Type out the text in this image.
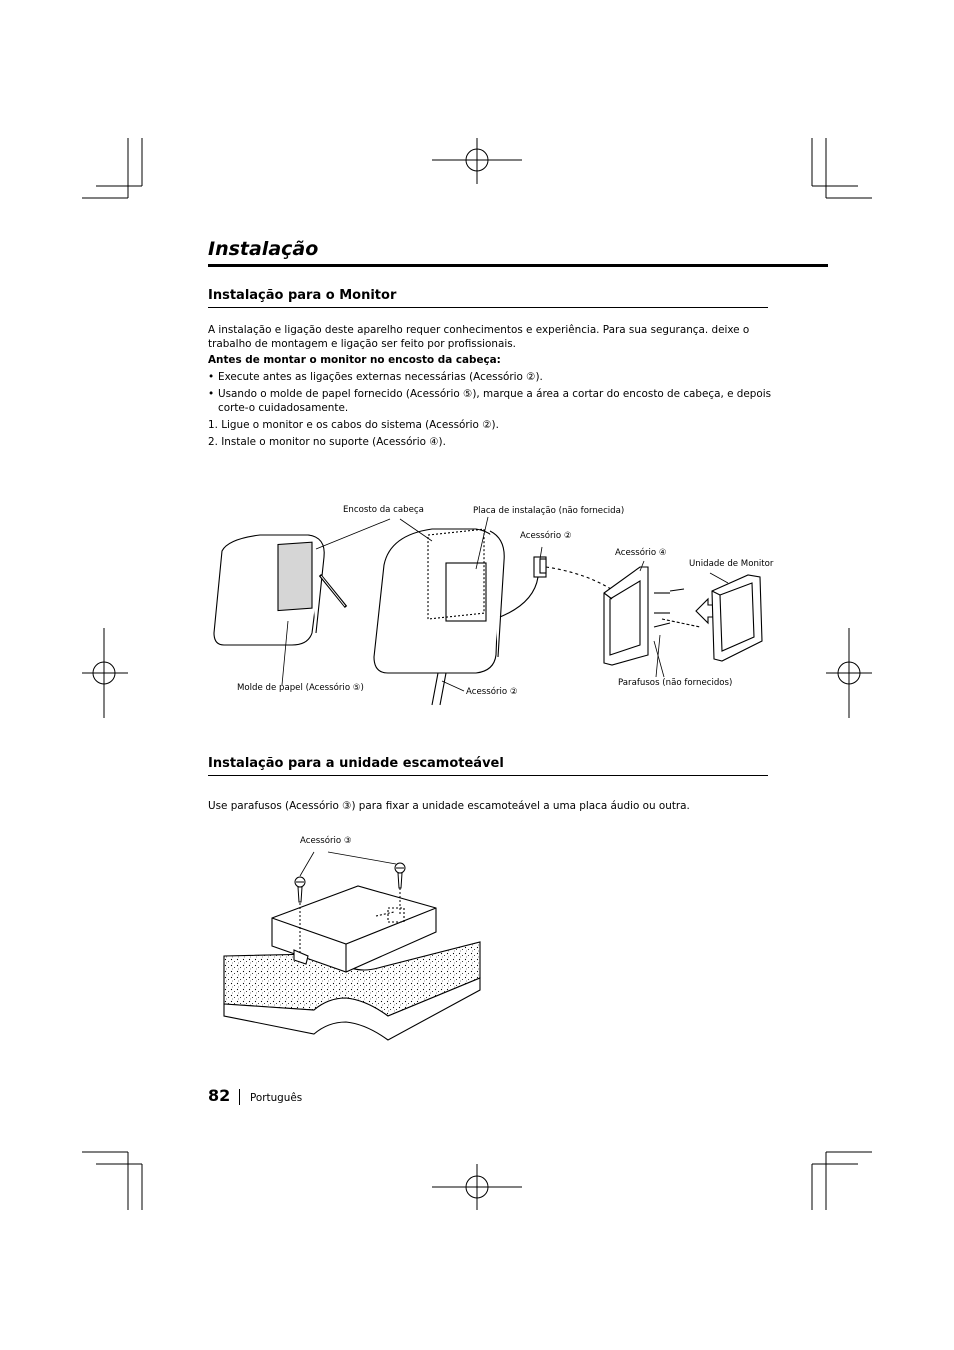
Instalação
Instalação para o Monitor

A instalação e ligação deste aparelho requer conhecimentos e experiência. Para sua segurança. deixe o trabalho de montagem e ligação ser feito por profissionais.

Antes de montar o monitor no encosto da cabeça:

• Execute antes as ligações externas necessárias (Acessório ②).

• Usando o molde de papel fornecido (Acessório ⑤), marque a área a cortar do encosto de cabeça, e depois corte-o cuidadosamente.

1. Ligue o monitor e os cabos do sistema (Acessório ②).

2. Instale o monitor no suporte (Acessório ④).

Encosto da cabeça	Placa de instalação (não fornecida)
Acessório ②
Acessório ④
Unidade de Monitor
Molde de papel (Acessório ⑤)	Acessório ②
Parafusos (não fornecidos)
Instalação para a unidade escamoteável

Use parafusos (Acessório ③) para fixar a unidade escamoteável a uma placa áudio ou outra.

Acessório ③
82 Português
